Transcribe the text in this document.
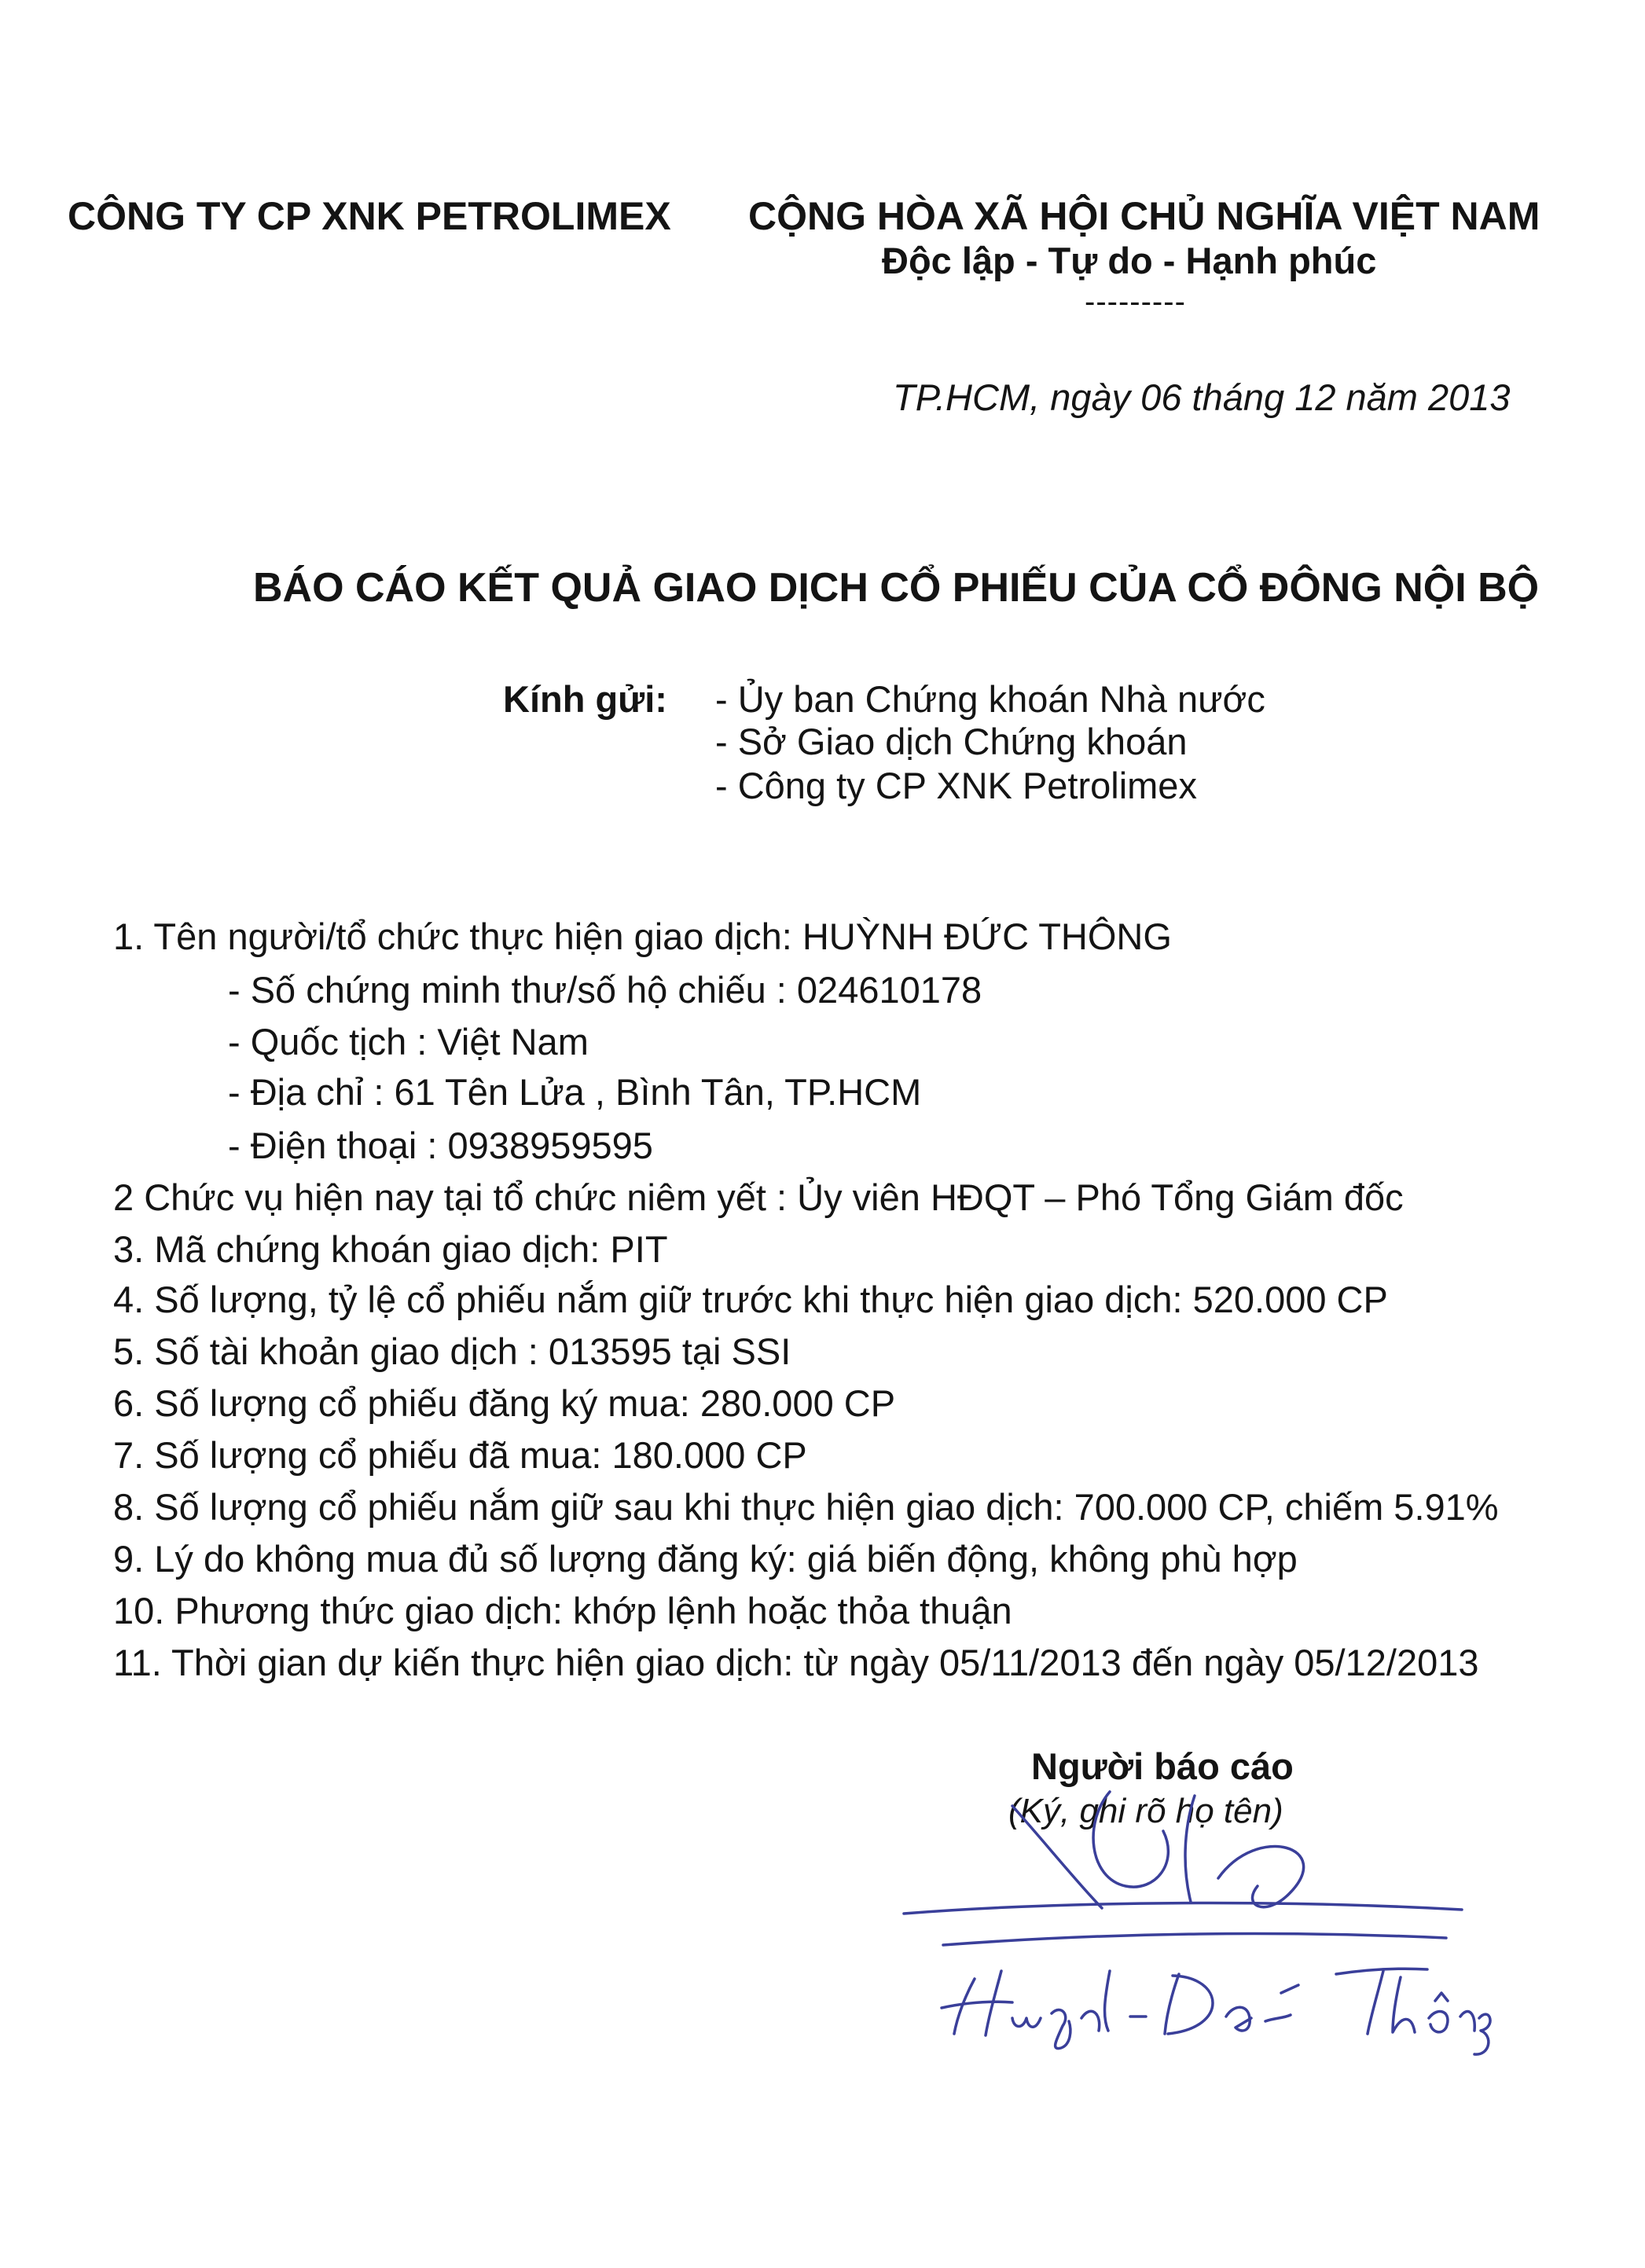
CÔNG TY CP XNK PETROLIMEX CỘNG HÒA XÃ HỘI CHỦ NGHĨA VIỆT NAM
Độc lập - Tự do - Hạnh phúc
---------
TP.HCM, ngày 06 tháng 12 năm 2013
BÁO CÁO KẾT QUẢ GIAO DỊCH CỔ PHIẾU CỦA CỔ ĐÔNG NỘI BỘ
Kính gửi: - Ủy ban Chứng khoán Nhà nước
- Sở Giao dịch Chứng khoán
- Công ty CP XNK Petrolimex
1. Tên người/tổ chức thực hiện giao dịch: HUỲNH ĐỨC THÔNG
- Số chứng minh thư/số hộ chiếu : 024610178
- Quốc tịch : Việt Nam
- Địa chỉ : 61 Tên Lửa , Bình Tân, TP.HCM
- Điện thoại : 0938959595
2 Chức vụ hiện nay tại tổ chức niêm yết : Ủy viên HĐQT – Phó Tổng Giám đốc
3. Mã chứng khoán giao dịch: PIT
4. Số lượng, tỷ lệ cổ phiếu nắm giữ trước khi thực hiện giao dịch: 520.000 CP
5. Số tài khoản giao dịch : 013595 tại SSI
6. Số lượng cổ phiếu đăng ký mua: 280.000 CP
7. Số lượng cổ phiếu đã mua: 180.000 CP
8. Số lượng cổ phiếu nắm giữ sau khi thực hiện giao dịch: 700.000 CP, chiếm 5.91%
9. Lý do không mua đủ số lượng đăng ký: giá biến động, không phù hợp
10. Phương thức giao dịch: khớp lệnh hoặc thỏa thuận
11. Thời gian dự kiến thực hiện giao dịch: từ ngày 05/11/2013 đến ngày 05/12/2013
Người báo cáo
(Ký, ghi rõ họ tên)
